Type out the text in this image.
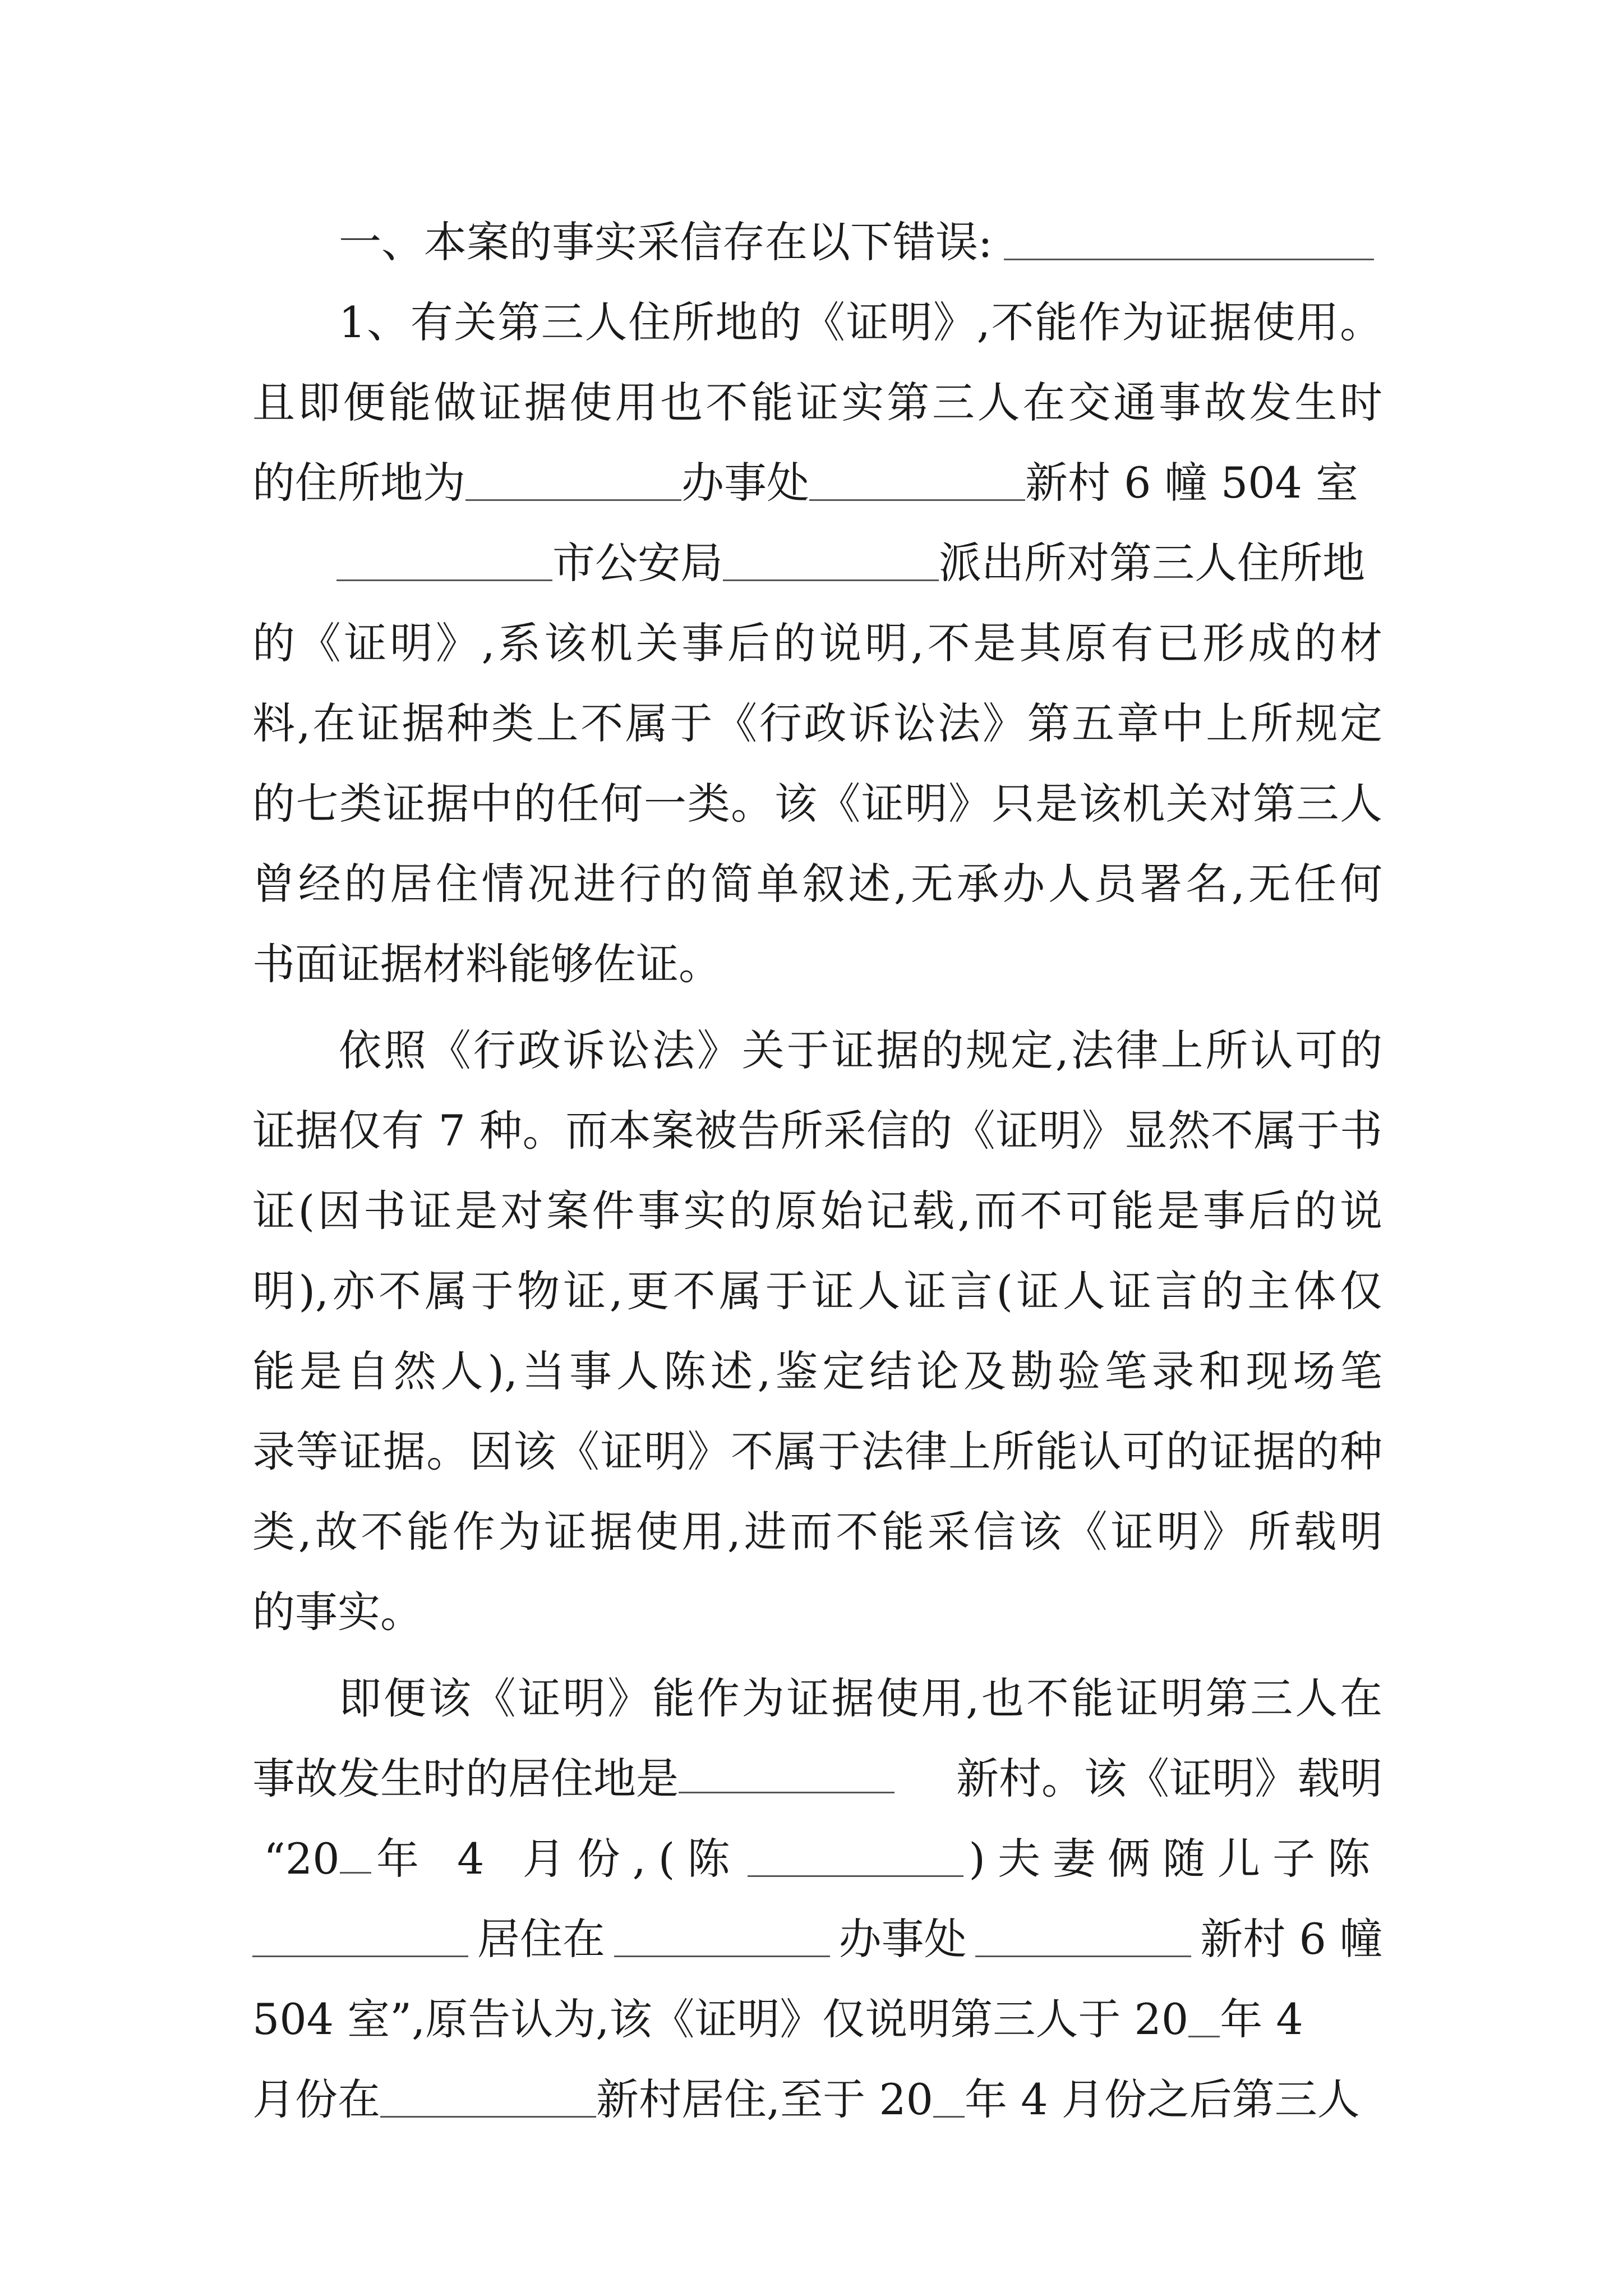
一、本案的事实采信存在以下错误:
1、有关第三人住所地的《证明》,不能作为证据使用。
且即便能做证据使用也不能证实第三人在交通事故发生时
的住所地为	办事处	新村 6 幢 504 室
市公安局	派出所对第三人住所地
的《证明》,系该机关事后的说明,不是其原有已形成的材
料,在证据种类上不属于《行政诉讼法》第五章中上所规定
的七类证据中的任何一类。该《证明》只是该机关对第三人
曾经的居住情况进行的简单叙述,无承办人员署名,无任何
书面证据材料能够佐证。
依照《行政诉讼法》关于证据的规定,法律上所认可的
证据仅有 7 种。而本案被告所采信的《证明》显然不属于书
证(因书证是对案件事实的原始记载,而不可能是事后的说
明),亦不属于物证,更不属于证人证言(证人证言的主体仅
能是自然人),当事人陈述,鉴定结论及勘验笔录和现场笔
录等证据。因该《证明》不属于法律上所能认可的证据的种
类,故不能作为证据使用,进而不能采信该《证明》所载明
的事实。
即便该《证明》能作为证据使用,也不能证明第三人在
事故发生时的居住地是	新村。该《证明》载明
“20 年 4 月份,(陈	)夫妻俩随儿子陈
居住在	办事处	新村 6 幢
504 室”,原告认为,该《证明》仅说明第三人于 20 年 4
月份在	新村居住,至于 20 年 4 月份之后第三人
